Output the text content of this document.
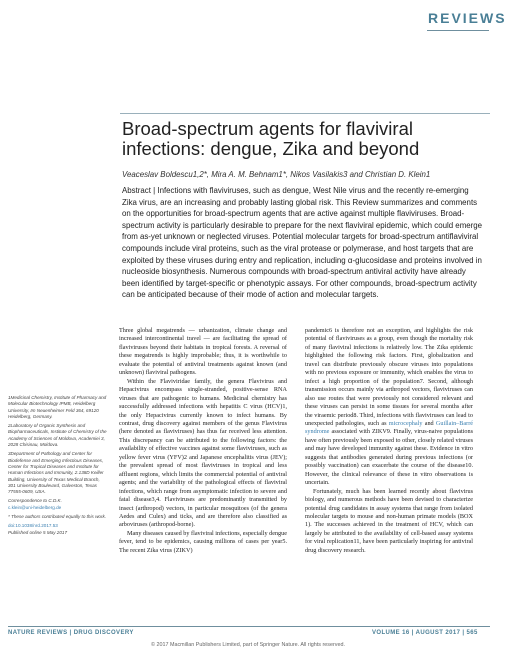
REVIEWS
Broad-spectrum agents for flaviviral infections: dengue, Zika and beyond
Veaceslav Boldescu1,2*, Mira A. M. Behnam1*, Nikos Vasilakis3 and Christian D. Klein1
Abstract | Infections with flaviviruses, such as dengue, West Nile virus and the recently re-emerging Zika virus, are an increasing and probably lasting global risk. This Review summarizes and comments on the opportunities for broad-spectrum agents that are active against multiple flaviviruses. Broad-spectrum activity is particularly desirable to prepare for the next flaviviral epidemic, which could emerge from as-yet unknown or neglected viruses. Potential molecular targets for broad-spectrum antiflaviviral compounds include viral proteins, such as the viral protease or polymerase, and host targets that are exploited by these viruses during entry and replication, including α-glucosidase and proteins involved in nucleoside biosynthesis. Numerous compounds with broad-spectrum antiviral activity have already been identified by target-specific or phenotypic assays. For other compounds, broad-spectrum activity can be anticipated because of their mode of action and molecular targets.

1Medicinal Chemistry, Institute of Pharmacy and Molecular Biotechnology IPMB, Heidelberg University, Im Neuenheimer Feld 364, 69120 Heidelberg, Germany.

2Laboratory of Organic Synthesis and Biopharmaceuticals, Institute of Chemistry of the Academy of Sciences of Moldova, Academiei 3, 2028 Chisinau, Moldova.

3Department of Pathology and Center for Biodefense and Emerging Infectious Diseases, Center for Tropical Diseases and Institute for Human Infections and Immunity, 2.138D Keiller Building, University of Texas Medical Branch, 301 University Boulevard, Galveston, Texas 77555-0609, USA.

Correspondence to C.D.K.

c.klein@uni-heidelberg.de

* These authors contributed equally to this work.

doi:10.1038/nrd.2017.53

Published online 5 May 2017

Three global megatrends — urbanization, climate change and increased intercontinental travel — are facilitating the spread of flaviviruses beyond their habitats in tropical forests. A reversal of these megatrends is highly improbable; thus, it is worthwhile to evaluate the potential of antiviral treatments against known (and unknown) flaviviral pathogens.

Within the Flaviviridae family, the genera Flavivirus and Hepacivirus encompass single-stranded, positive-sense RNA viruses that are pathogenic to humans. Medicinal chemistry has successfully addressed infections with hepatitis C virus (HCV)1, the only Hepacivirus currently known to infect humans. By contrast, drug discovery against members of the genus Flavivirus (here denoted as flaviviruses) has thus far received less attention. This discrepancy can be attributed to the following factors: the availability of effective vaccines against some flaviviruses, such as yellow fever virus (YFV)2 and Japanese encephalitis virus (JEV); the prevalent spread of most flaviviruses in tropical and less affluent regions, which limits the commercial potential of antiviral agents; and the variability of the pathological effects of flaviviral infections, which range from asymptomatic infection to severe and fatal disease3,4. Flaviviruses are predominantly transmitted by insect (arthropod) vectors, in particular mosquitoes (of the genera Aedes and Culex) and ticks, and are therefore also classified as arboviruses (arthropod-borne).

Many diseases caused by flaviviral infections, especially dengue fever, tend to be epidemics, causing millions of cases per year5. The recent Zika virus (ZIKV)

pandemic6 is therefore not an exception, and highlights the risk potential of flaviviruses as a group, even though the mortality risk of many flaviviral infections is relatively low. The Zika epidemic highlighted the following risk factors. First, globalization and travel can distribute previously obscure viruses into populations with no previous exposure or immunity, which enables the virus to infect a high proportion of the population7. Second, although transmission occurs mainly via arthropod vectors, flaviviruses can also use routes that were previously not considered relevant and these viruses can persist in some tissues for several months after the viraemic period8. Third, infections with flaviviruses can lead to unexpected pathologies, such as microcephaly and Guillain–Barré syndrome associated with ZIKV9. Finally, virus-naive populations have often previously been exposed to other, closely related viruses and may have developed immunity against these. Evidence in vitro suggests that antibodies generated during previous infections (or possibly vaccination) can exacerbate the course of the disease10. However, the clinical relevance of these in vitro observations is uncertain.

Fortunately, much has been learned recently about flavivirus biology, and numerous methods have been devised to characterize potential drug candidates in assay systems that range from isolated molecular targets to mouse and non-human primate models (BOX 1). The successes achieved in the treatment of HCV, which can largely be attributed to the availability of cell-based assay systems for viral replication11, have been particularly inspiring for antiviral drug discovery research.

NATURE REVIEWS | DRUG DISCOVERY	VOLUME 16 | AUGUST 2017 | 565
© 2017 Macmillan Publishers Limited, part of Springer Nature. All rights reserved.
